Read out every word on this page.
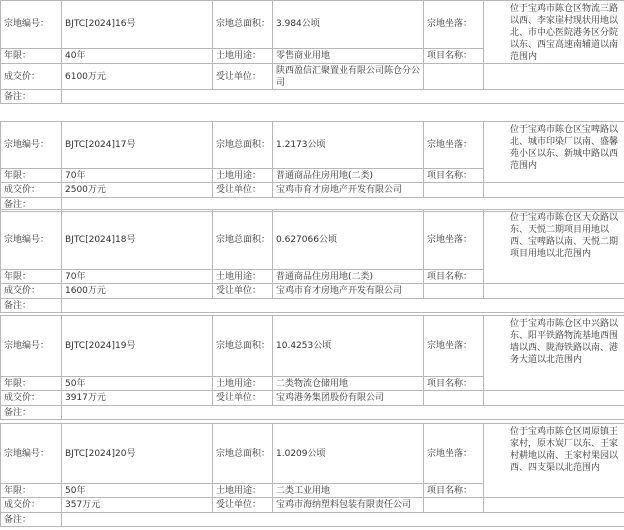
宗地编号：	BJTC[2024]16号	宗地总面积：	3.984公顷	宗地坐落：	位于宝鸡市陈仓区物流三路以西、李家崖村现状用地以北、市中心医院港务区分院以东、西宝高速南辅道以南范围内
年限：	40年	土地用途：	零售商业用地	项目名称：	
成交价：	6100万元	受让单位：	陕西盈信汇聚置业有限公司陈仓分公司		
备注：					
宗地编号：	BJTC[2024]17号	宗地总面积：	1.2173公顷	宗地坐落：	位于宝鸡市陈仓区宝啤路以北、城市印染厂以南、盛馨苑小区以东、新城中路以西范围内
年限：	70年	土地用途：	普通商品住房用地(二类)	项目名称：	
成交价：	2500万元	受让单位：	宝鸡市育才房地产开发有限公司		
备注：					
宗地编号：	BJTC[2024]18号	宗地总面积：	0.627066公顷	宗地坐落：	位于宝鸡市陈仓区大众路以东、天悦二期项目用地以西、宝啤路以南、天悦二期项目用地以北范围内
年限：	70年	土地用途：	普通商品住房用地(二类)	项目名称：	
成交价：	1600万元	受让单位：	宝鸡市育才房地产开发有限公司		
备注：					
宗地编号：	BJTC[2024]19号	宗地总面积：	10.4253公顷	宗地坐落：	位于宝鸡市陈仓区中兴路以东、阳平铁路物流基地西围墙以西、陇海铁路以南、港务大道以北范围内
年限：	50年	土地用途：	二类物流仓储用地	项目名称：	
成交价：	3917万元	受让单位：	宝鸡港务集团股份有限公司		
备注：					
宗地编号：	BJTC[2024]20号	宗地总面积：	1.0209公顷	宗地坐落：	位于宝鸡市陈仓区周原镇王家村，原木炭厂以东、王家村耕地以南、王家村果园以西、四支渠以北范围内
年限：	50年	土地用途：	二类工业用地	项目名称：	
成交价：	357万元	受让单位：	宝鸡市海纳塑料包装有限责任公司		
备注：					
